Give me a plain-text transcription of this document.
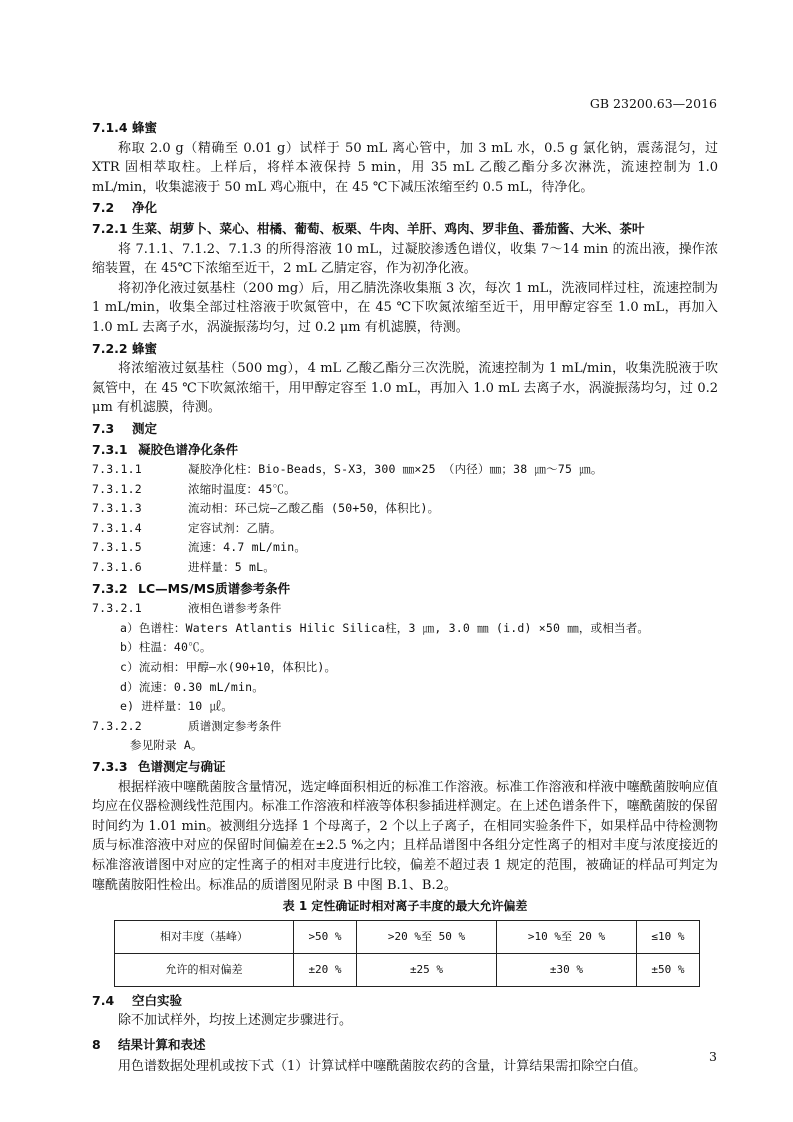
GB 23200.63—2016
7.1.4 蜂蜜

称取 2.0 g（精确至 0.01 g）试样于 50 mL 离心管中，加 3 mL 水，0.5 g 氯化钠，震荡混匀，过 XTR 固相萃取柱。上样后，将样本液保持 5 min，用 35 mL 乙酸乙酯分多次淋洗，流速控制为 1.0 mL/min，收集滤液于 50 mL 鸡心瓶中，在 45 ℃下减压浓缩至约 0.5 mL，待净化。

7.2 净化
7.2.1 生菜、胡萝卜、菜心、柑橘、葡萄、板栗、牛肉、羊肝、鸡肉、罗非鱼、番茄酱、大米、茶叶

将 7.1.1、7.1.2、7.1.3 的所得溶液 10 mL，过凝胶渗透色谱仪，收集 7～14 min 的流出液，操作浓缩装置，在 45℃下浓缩至近干，2 mL 乙腈定容，作为初净化液。

将初净化液过氨基柱（200 mg）后，用乙腈洗涤收集瓶 3 次，每次 1 mL，洗液同样过柱，流速控制为 1 mL/min，收集全部过柱溶液于吹氮管中，在 45 ℃下吹氮浓缩至近干，用甲醇定容至 1.0 mL，再加入 1.0 mL 去离子水，涡漩振荡均匀，过 0.2 μm 有机滤膜，待测。

7.2.2 蜂蜜

将浓缩液过氨基柱（500 mg），4 mL 乙酸乙酯分三次洗脱，流速控制为 1 mL/min，收集洗脱液于吹氮管中，在 45 ℃下吹氮浓缩干，用甲醇定容至 1.0 mL，再加入 1.0 mL 去离子水，涡漩振荡均匀，过 0.2 μm 有机滤膜，待测。

7.3 测定
7.3.1 凝胶色谱净化条件
7.3.1.1	凝胶净化柱：Bio-Beads，S-X3，300 ㎜×25 （内径）㎜；38 ㎛～75 ㎛。
7.3.1.2	浓缩时温度：45℃。
7.3.1.3	流动相：环己烷—乙酸乙酯 (50+50，体积比)。
7.3.1.4	定容试剂：乙腈。
7.3.1.5	流速：4.7 mL/min。
7.3.1.6	进样量：5 mL。
7.3.2 LC—MS/MS质谱参考条件
7.3.2.1	液相色谱参考条件
a）色谱柱：Waters Atlantis Hilic Silica柱，3 ㎛, 3.0 ㎜ (i.d) ×50 ㎜，或相当者。
b）柱温：40℃。
c）流动相：甲醇—水(90+10，体积比)。
d）流速：0.30 mL/min。
e) 进样量：10 ㎕。
7.3.2.2	质谱测定参考条件
参见附录 A。
7.3.3 色谱测定与确证

根据样液中噻酰菌胺含量情况，选定峰面积相近的标准工作溶液。标准工作溶液和样液中噻酰菌胺响应值均应在仪器检测线性范围内。标准工作溶液和样液等体积参插进样测定。在上述色谱条件下，噻酰菌胺的保留时间约为 1.01 min。被测组分选择 1 个母离子，2 个以上子离子，在相同实验条件下，如果样品中待检测物质与标准溶液中对应的保留时间偏差在±2.5 %之内；且样品谱图中各组分定性离子的相对丰度与浓度接近的标准溶液谱图中对应的定性离子的相对丰度进行比较，偏差不超过表 1 规定的范围，被确证的样品可判定为噻酰菌胺阳性检出。标准品的质谱图见附录 B 中图 B.1、B.2。

表 1 定性确证时相对离子丰度的最大允许偏差
相对丰度（基峰）	>50 %	>20 %至 50 %	>10 %至 20 %	≤10 %
允许的相对偏差	±20 %	±25 %	±30 %	±50 %
7.4 空白实验

除不加试样外，均按上述测定步骤进行。

8 结果计算和表述

用色谱数据处理机或按下式（1）计算试样中噻酰菌胺农药的含量，计算结果需扣除空白值。

3
